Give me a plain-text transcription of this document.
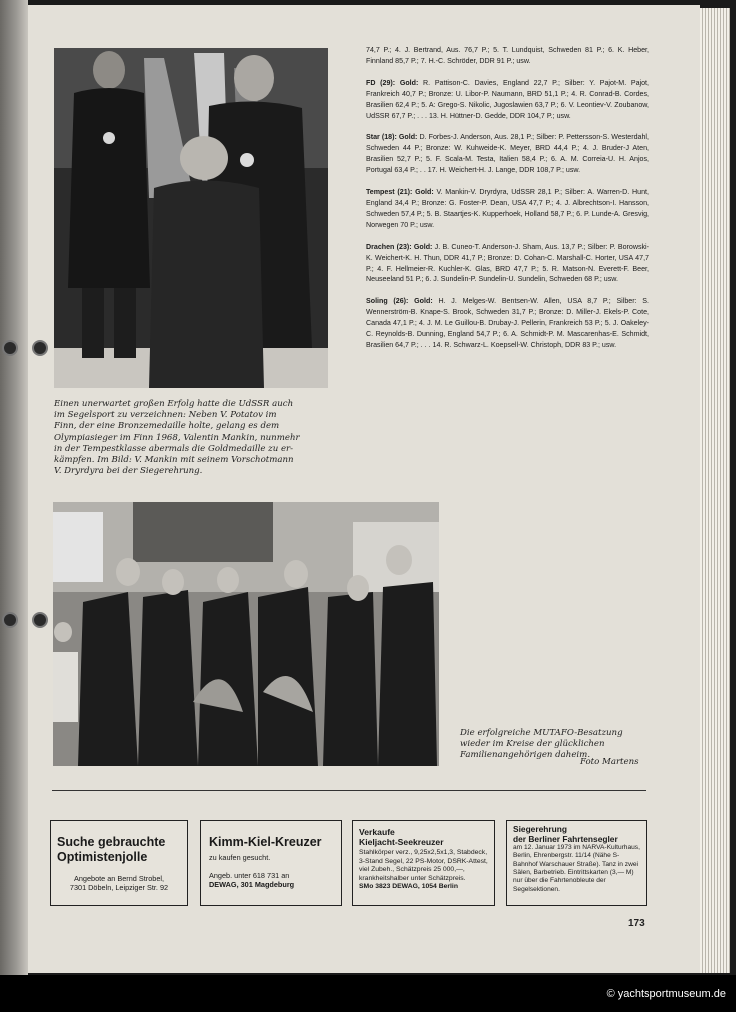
Einen unerwartet großen Erfolg hatte die UdSSR auch
im Segelsport zu verzeichnen: Neben V. Potatov im
Finn, der eine Bronzemedaille holte, gelang es dem
Olympiasieger im Finn 1968, Valentin Mankin, nunmehr
in der Tempestklasse abermals die Goldmedaille zu er-
kämpfen. Im Bild: V. Mankin mit seinem Vorschotmann
V. Dryrdyra bei der Siegerehrung.
74,7 P.; 4. J. Bertrand, Aus. 76,7 P.; 5. T. Lundquist, Schweden 81 P.; 6. K. Heber, Finnland 85,7 P.; 7. H.-C. Schröder, DDR 91 P.; usw.
FD (29): Gold: R. Pattison-C. Davies, England 22,7 P.; Silber: Y. Pajot-M. Pajot, Frankreich 40,7 P.; Bronze: U. Libor-P. Naumann, BRD 51,1 P.; 4. R. Conrad-B. Cordes, Brasilien 62,4 P.; 5. A: Grego-S. Nikolic, Jugoslawien 63,7 P.; 6. V. Leontiev-V. Zoubanow, UdSSR 67,7 P.; . . . 13. H. Hüttner-D. Gedde, DDR 104,7 P.; usw.
Star (18): Gold: D. Forbes-J. Anderson, Aus. 28,1 P.; Silber: P. Pettersson-S. Westerdahl, Schweden 44 P.; Bronze: W. Kuhweide-K. Meyer, BRD 44,4 P.; 4. J. Bruder-J Aten, Brasilien 52,7 P.; 5. F. Scala-M. Testa, Italien 58,4 P.; 6. A. M. Correia-U. H. Anjos, Portugal 63,4 P.; . . 17. H. Weichert-H. J. Lange, DDR 108,7 P.; usw.
Tempest (21): Gold: V. Mankin-V. Dryrdyra, UdSSR 28,1 P.; Silber: A. Warren-D. Hunt, England 34,4 P.; Bronze: G. Foster-P. Dean, USA 47,7 P.; 4. J. Albrechtson-I. Hansson, Schweden 57,4 P.; 5. B. Staartjes-K. Kupperhoek, Holland 58,7 P.; 6. P. Lunde-A. Gresvig, Norwegen 70 P.; usw.
Drachen (23): Gold: J. B. Cuneo-T. Anderson-J. Sham, Aus. 13,7 P.; Silber: P. Borowski-K. Weichert-K. H. Thun, DDR 41,7 P.; Bronze: D. Cohan-C. Marshall-C. Horter, USA 47,7 P.; 4. F. Hellmeier-R. Kuchler-K. Glas, BRD 47,7 P.; 5. R. Matson-N. Everett-F. Beer, Neuseeland 51 P.; 6. J. Sundelin-P. Sundelin-U. Sundelin, Schweden 68 P.; usw.
Soling (26): Gold: H. J. Melges-W. Bentsen-W. Allen, USA 8,7 P.; Silber: S. Wennerström-B. Knape-S. Brook, Schweden 31,7 P.; Bronze: D. Miller-J. Ekels-P. Cote, Canada 47,1 P.; 4. J. M. Le Guillou-B. Drubay-J. Pellerin, Frankreich 53 P.; 5. J. Oakeley-C. Reynolds-B. Dunning, England 54,7 P.; 6. A. Schmidt-P. M. Mascarenhas-E. Schmidt, Brasilien 64,7 P.; . . . 14. R. Schwarz-L. Koepsell-W. Christoph, DDR 83 P.; usw.
Die erfolgreiche MUTAFO-Besatzung
wieder im Kreise der glücklichen
Familienangehörigen daheim.
Foto Martens
Suche gebrauchte Optimistenjolle
Angebote an Bernd Strobel,
7301 Döbeln, Leipziger Str. 92
Kimm-Kiel-Kreuzer
zu kaufen gesucht.
Angeb. unter 618 731 an
DEWAG, 301 Magdeburg
Verkaufe
Kieljacht-Seekreuzer
Stahlkörper verz., 9,25x2,5x1,3, Stabdeck, 3-Stand Segel, 22 PS-Motor, DSRK-Attest, viel Zubeh., Schätzpreis 25 000,—, krankheitshalber unter Schätzpreis.
SMo 3823 DEWAG, 1054 Berlin
Siegerehrung
der Berliner Fahrtensegler
am 12. Januar 1973 im NARVA-Kulturhaus, Berlin, Ehrenbergstr. 11/14 (Nähe S-Bahnhof Warschauer Straße). Tanz in zwei Sälen, Barbetrieb. Eintrittskarten (3,— M) nur über die Fahrtenobleute der Segelsektionen.
173
© yachtsportmuseum.de
